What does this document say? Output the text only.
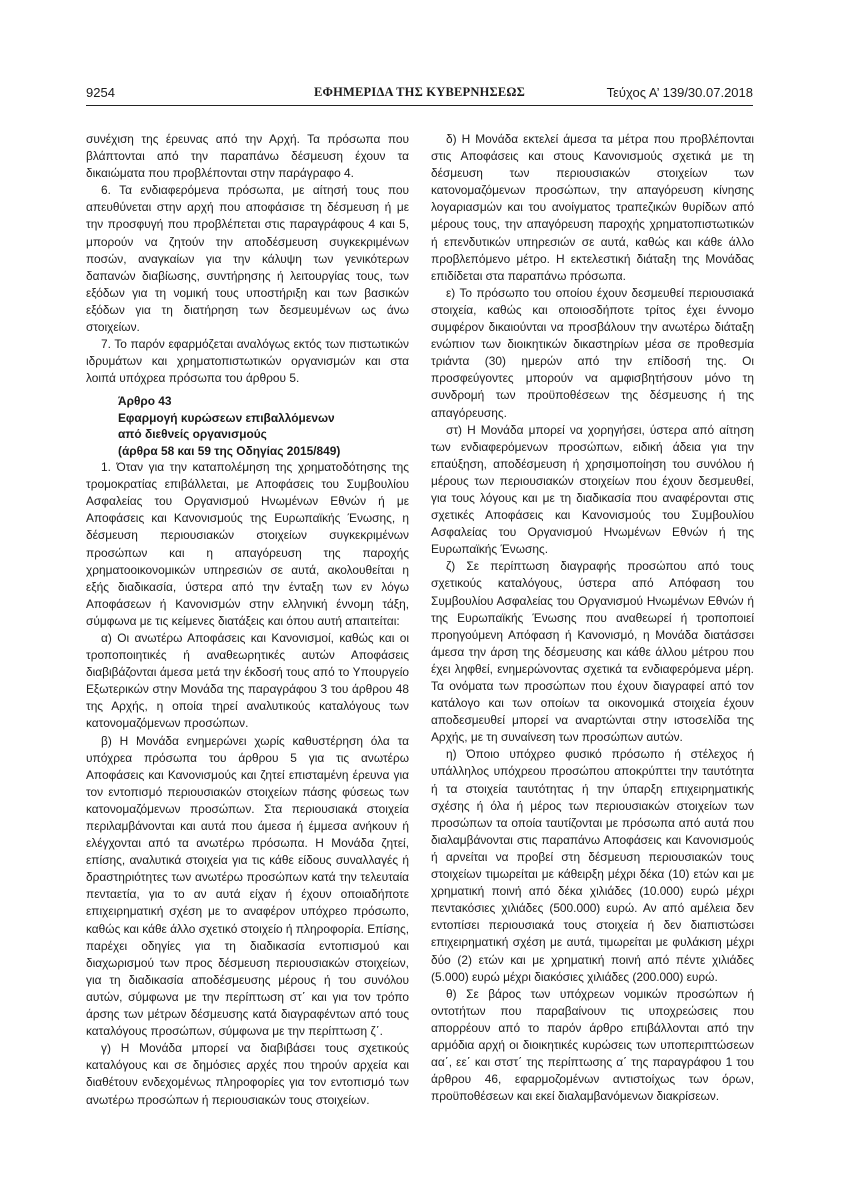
9254	ΕΦΗΜΕΡΙΔΑ ΤΗΣ ΚΥΒΕΡΝΗΣΕΩΣ	Τεύχος Α’ 139/30.07.2018

συνέχιση της έρευνας από την Αρχή. Τα πρόσωπα που βλάπτονται από την παραπάνω δέσμευση έχουν τα δικαιώματα που προβλέπονται στην παράγραφο 4.

6. Τα ενδιαφερόμενα πρόσωπα, με αίτησή τους που απευθύνεται στην αρχή που αποφάσισε τη δέσμευση ή με την προσφυγή που προβλέπεται στις παραγράφους 4 και 5, μπορούν να ζητούν την αποδέσμευση συγκεκριμένων ποσών, αναγκαίων για την κάλυψη των γενικότερων δαπανών διαβίωσης, συντήρησης ή λειτουργίας τους, των εξόδων για τη νομική τους υποστήριξη και των βασικών εξόδων για τη διατήρηση των δεσμευμένων ως άνω στοιχείων.

7. Το παρόν εφαρμόζεται αναλόγως εκτός των πιστωτικών ιδρυμάτων και χρηματοπιστωτικών οργανισμών και στα λοιπά υπόχρεα πρόσωπα του άρθρου 5.

Άρθρο 43
Εφαρμογή κυρώσεων επιβαλλόμενων
από διεθνείς οργανισμούς
(άρθρα 58 και 59 της Οδηγίας 2015/849)

1. Όταν για την καταπολέμηση της χρηματοδότησης της τρομοκρατίας επιβάλλεται, με Αποφάσεις του Συμβουλίου Ασφαλείας του Οργανισμού Ηνωμένων Εθνών ή με Αποφάσεις και Κανονισμούς της Ευρωπαϊκής Ένωσης, η δέσμευση περιουσιακών στοιχείων συγκεκριμένων προσώπων και η απαγόρευση της παροχής χρηματοοικονομικών υπηρεσιών σε αυτά, ακολουθείται η εξής διαδικασία, ύστερα από την ένταξη των εν λόγω Αποφάσεων ή Κανονισμών στην ελληνική έννομη τάξη, σύμφωνα με τις κείμενες διατάξεις και όπου αυτή απαιτείται:

α) Οι ανωτέρω Αποφάσεις και Κανονισμοί, καθώς και οι τροποποιητικές ή αναθεωρητικές αυτών Αποφάσεις διαβιβάζονται άμεσα μετά την έκδοσή τους από το Υπουργείο Εξωτερικών στην Μονάδα της παραγράφου 3 του άρθρου 48 της Αρχής, η οποία τηρεί αναλυτικούς καταλόγους των κατονομαζόμενων προσώπων.

β) Η Μονάδα ενημερώνει χωρίς καθυστέρηση όλα τα υπόχρεα πρόσωπα του άρθρου 5 για τις ανωτέρω Αποφάσεις και Κανονισμούς και ζητεί επισταμένη έρευνα για τον εντοπισμό περιουσιακών στοιχείων πάσης φύσεως των κατονομαζόμενων προσώπων. Στα περιουσιακά στοιχεία περιλαμβάνονται και αυτά που άμεσα ή έμμεσα ανήκουν ή ελέγχονται από τα ανωτέρω πρόσωπα. Η Μονάδα ζητεί, επίσης, αναλυτικά στοιχεία για τις κάθε είδους συναλλαγές ή δραστηριότητες των ανωτέρω προσώπων κατά την τελευταία πενταετία, για το αν αυτά είχαν ή έχουν οποιαδήποτε επιχειρηματική σχέση με το αναφέρον υπόχρεο πρόσωπο, καθώς και κάθε άλλο σχετικό στοιχείο ή πληροφορία. Επίσης, παρέχει οδηγίες για τη διαδικασία εντοπισμού και διαχωρισμού των προς δέσμευση περιουσιακών στοιχείων, για τη διαδικασία αποδέσμευσης μέρους ή του συνόλου αυτών, σύμφωνα με την περίπτωση στ΄ και για τον τρόπο άρσης των μέτρων δέσμευσης κατά διαγραφέντων από τους καταλόγους προσώπων, σύμφωνα με την περίπτωση ζ΄.

γ) Η Μονάδα μπορεί να διαβιβάσει τους σχετικούς καταλόγους και σε δημόσιες αρχές που τηρούν αρχεία και διαθέτουν ενδεχομένως πληροφορίες για τον εντοπισμό των ανωτέρω προσώπων ή περιουσιακών τους στοιχείων.

δ) Η Μονάδα εκτελεί άμεσα τα μέτρα που προβλέπονται στις Αποφάσεις και στους Κανονισμούς σχετικά με τη δέσμευση των περιουσιακών στοιχείων των κατονομαζόμενων προσώπων, την απαγόρευση κίνησης λογαριασμών και του ανοίγματος τραπεζικών θυρίδων από μέρους τους, την απαγόρευση παροχής χρηματοπιστωτικών ή επενδυτικών υπηρεσιών σε αυτά, καθώς και κάθε άλλο προβλεπόμενο μέτρο. Η εκτελεστική διάταξη της Μονάδας επιδίδεται στα παραπάνω πρόσωπα.

ε) Το πρόσωπο του οποίου έχουν δεσμευθεί περιουσιακά στοιχεία, καθώς και οποιοσδήποτε τρίτος έχει έννομο συμφέρον δικαιούνται να προσβάλουν την ανωτέρω διάταξη ενώπιον των διοικητικών δικαστηρίων μέσα σε προθεσμία τριάντα (30) ημερών από την επίδοσή της. Οι προσφεύγοντες μπορούν να αμφισβητήσουν μόνο τη συνδρομή των προϋποθέσεων της δέσμευσης ή της απαγόρευσης.

στ) Η Μονάδα μπορεί να χορηγήσει, ύστερα από αίτηση των ενδιαφερόμενων προσώπων, ειδική άδεια για την επαύξηση, αποδέσμευση ή χρησιμοποίηση του συνόλου ή μέρους των περιουσιακών στοιχείων που έχουν δεσμευθεί, για τους λόγους και με τη διαδικασία που αναφέρονται στις σχετικές Αποφάσεις και Κανονισμούς του Συμβουλίου Ασφαλείας του Οργανισμού Ηνωμένων Εθνών ή της Ευρωπαϊκής Ένωσης.

ζ) Σε περίπτωση διαγραφής προσώπου από τους σχετικούς καταλόγους, ύστερα από Απόφαση του Συμβουλίου Ασφαλείας του Οργανισμού Ηνωμένων Εθνών ή της Ευρωπαϊκής Ένωσης που αναθεωρεί ή τροποποιεί προηγούμενη Απόφαση ή Κανονισμό, η Μονάδα διατάσσει άμεσα την άρση της δέσμευσης και κάθε άλλου μέτρου που έχει ληφθεί, ενημερώνοντας σχετικά τα ενδιαφερόμενα μέρη. Τα ονόματα των προσώπων που έχουν διαγραφεί από τον κατάλογο και των οποίων τα οικονομικά στοιχεία έχουν αποδεσμευθεί μπορεί να αναρτώνται στην ιστοσελίδα της Αρχής, με τη συναίνεση των προσώπων αυτών.

η) Όποιο υπόχρεο φυσικό πρόσωπο ή στέλεχος ή υπάλληλος υπόχρεου προσώπου αποκρύπτει την ταυτότητα ή τα στοιχεία ταυτότητας ή την ύπαρξη επιχειρηματικής σχέσης ή όλα ή μέρος των περιουσιακών στοιχείων των προσώπων τα οποία ταυτίζονται με πρόσωπα από αυτά που διαλαμβάνονται στις παραπάνω Αποφάσεις και Κανονισμούς ή αρνείται να προβεί στη δέσμευση περιουσιακών τους στοιχείων τιμωρείται με κάθειρξη μέχρι δέκα (10) ετών και με χρηματική ποινή από δέκα χιλιάδες (10.000) ευρώ μέχρι πεντακόσιες χιλιάδες (500.000) ευρώ. Αν από αμέλεια δεν εντοπίσει περιουσιακά τους στοιχεία ή δεν διαπιστώσει επιχειρηματική σχέση με αυτά, τιμωρείται με φυλάκιση μέχρι δύο (2) ετών και με χρηματική ποινή από πέντε χιλιάδες (5.000) ευρώ μέχρι διακόσιες χιλιάδες (200.000) ευρώ.

θ) Σε βάρος των υπόχρεων νομικών προσώπων ή οντοτήτων που παραβαίνουν τις υποχρεώσεις που απορρέουν από το παρόν άρθρο επιβάλλονται από την αρμόδια αρχή οι διοικητικές κυρώσεις των υποπεριπτώσεων αα΄, εε΄ και στστ΄ της περίπτωσης α΄ της παραγράφου 1 του άρθρου 46, εφαρμοζομένων αντιστοίχως των όρων, προϋποθέσεων και εκεί διαλαμβανόμενων διακρίσεων.
